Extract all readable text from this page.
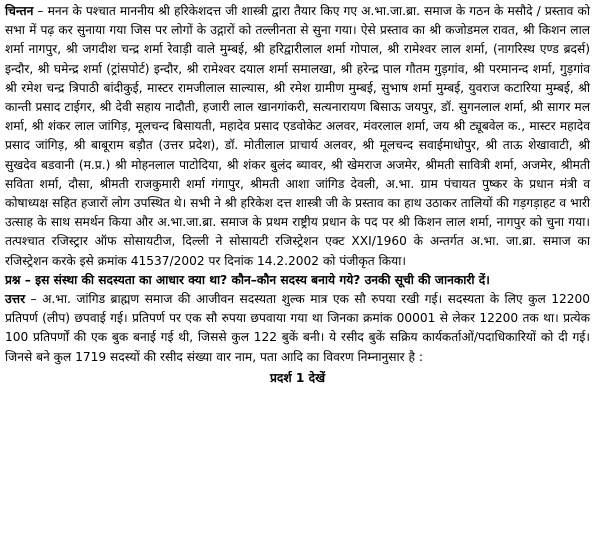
चिन्तन – मनन के पश्चात माननीय श्री हरिकेशदत्त जी शास्त्री द्वारा तैयार किए गए अ.भा.जा.ब्रा. समाज के गठन के मसौदे / प्रस्ताव को सभा में पढ़ कर सुनाया गया जिस पर लोगों के उद्गारों को तल्लीनता से सुना गया। ऐसे प्रस्ताव का श्री कजोडमल रावत, श्री किशन लाल शर्मा नागपुर, श्री जगदीश चन्द्र शर्मा रेवाड़ी वाले मुम्बई, श्री हरिद्वारीलाल शर्मा गोपाल, श्री रामेश्वर लाल शर्मा, (नागरिस्थ एण्ड ब्रदर्स) इन्दौर, श्री घमेन्द्र शर्मा (ट्रांसपोर्ट) इन्दौर, श्री रामेश्वर दयाल शर्मा समालखा, श्री हरेन्द्र पाल गौतम गुड़गांव, श्री परमानन्द शर्मा, गुड़गांव श्री रमेश चन्द्र त्रिपाठी बांदीकुई, मास्टर रामजीलाल साल्यास, श्री रमेश ग्रामीण मुम्बई, सुभाष शर्मा मुम्बई, युवराज कटारिया मुम्बई, श्री कान्ती प्रसाद टाईगर, श्री देवी सहाय नादौती, हजारी लाल खानगांकरी, सत्यनारायण बिसाऊ जयपुर, डॉ. सुगनलाल शर्मा, श्री सागर मल शर्मा, श्री शंकर लाल जांगिड़, मूलचन्द बिसायती, महादेव प्रसाद एडवोकेट अलवर, मंवरलाल शर्मा, जय श्री ट्यूबवेल क., मास्टर महादेव प्रसाद जांगिड़, श्री बाबूराम बड़ौत (उत्तर प्रदेश), डॉ. मोतीलाल प्राचार्य अलवर, श्री मूलचन्द सवाईमाधोपुर, श्री ताऊ शेखावाटी, श्री सुखदेव बडवानी (म.प्र.) श्री मोहनलाल पाटोदिया, श्री शंकर बुलंद ब्यावर, श्री खेमराज अजमेर, श्रीमती सावित्री शर्मा, अजमेर, श्रीमती सविता शर्मा, दौसा, श्रीमती राजकुमारी शर्मा गंगापुर, श्रीमती आशा जांगिड देवली, अ.भा. ग्राम पंचायत पुष्कर के प्रधान मंत्री व कोषाध्यक्ष सहित हजारों लोग उपस्थित थे। सभी ने श्री हरिकेश दत्त शास्त्री जी के प्रस्ताव का हाथ उठाकर तालियों की गड़गड़ाहट व भारी उत्साह के साथ समर्थन किया और अ.भा.जा.ब्रा. समाज के प्रथम राष्ट्रीय प्रधान के पद पर श्री किशन लाल शर्मा, नागपुर को चुना गया। तत्पश्चात रजिस्ट्रार ऑफ सोसायटीज, दिल्ली ने सोसायटी रजिस्ट्रेशन एक्ट XXI/1960 के अन्तर्गत अ.भा. जा.ब्रा. समाज का रजिस्ट्रेशन करके इसे क्रमांक 41537/2002 पर दिनांक 14.2.2002 को पंजीकृत किया।

प्रश्न – इस संस्था की सदस्यता का आधार क्या था? कौन–कौन सदस्य बनाये गये? उनकी सूची की जानकारी दें।

उत्तर – अ.भा. जांगिड ब्राह्मण समाज की आजीवन सदस्यता शुल्क मात्र एक सौ रुपया रखी गई। सदस्यता के लिए कुल 12200 प्रतिपर्ण (लीप) छपवाई गई। प्रतिपर्ण पर एक सौ रुपया छपवाया गया था जिनका क्रमांक 00001 से लेकर 12200 तक था। प्रत्येक 100 प्रतिपर्णों की एक बुक बनाई गई थी, जिससे कुल 122 बुकें बनी। ये रसीद बुकें सक्रिय कार्यकर्ताओं/पदाधिकारियों को दी गई। जिनसे बने कुल 1719 सदस्यों की रसीद संख्या वार नाम, पता आदि का विवरण निम्नानुसार है :

प्रदर्श 1 देखें
